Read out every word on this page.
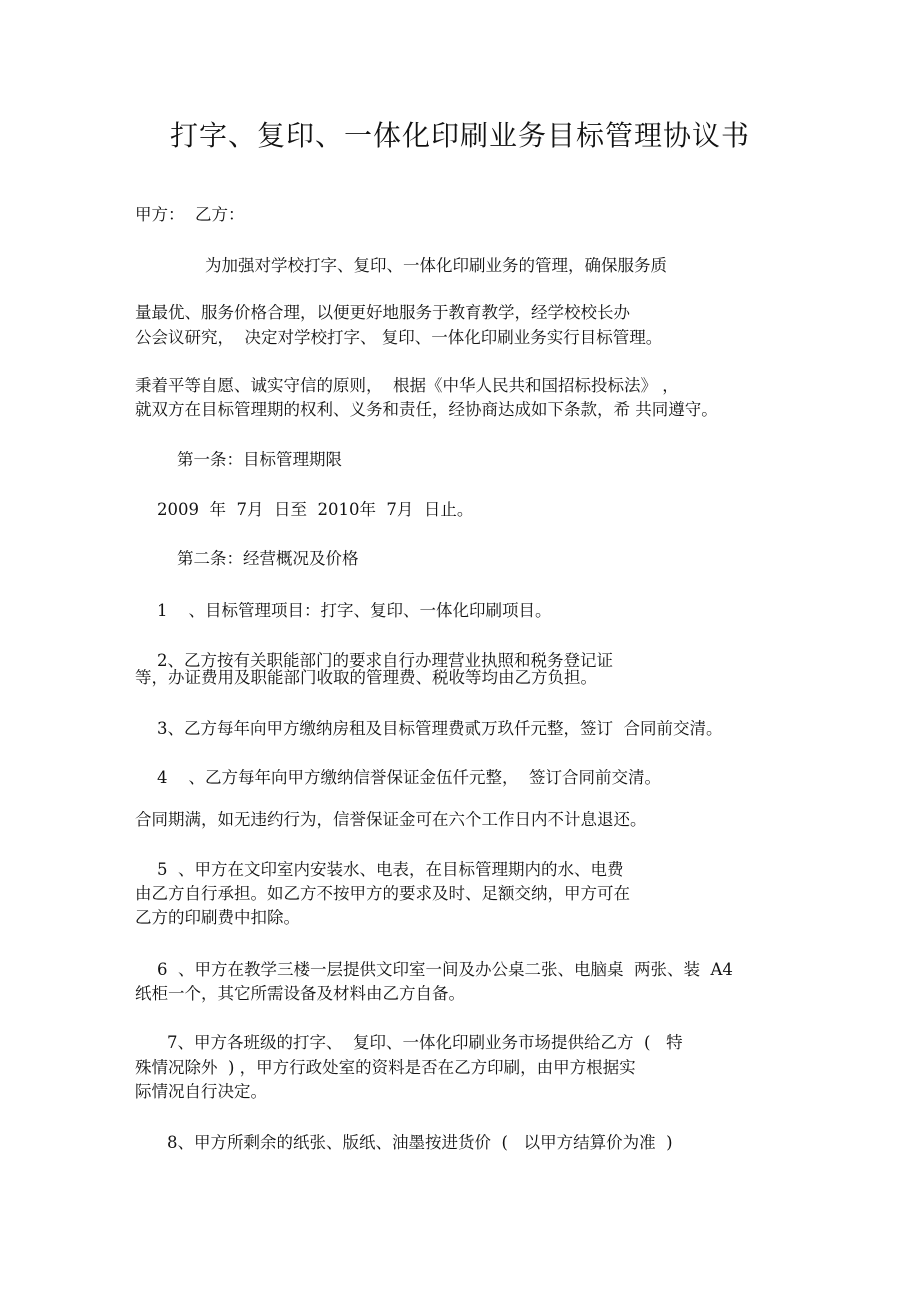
打字、复印、一体化印刷业务目标管理协议书
甲方：  乙方：
为加强对学校打字、复印、一体化印刷业务的管理，确保服务质
量最优、服务价格合理，以便更好地服务于教育教学，经学校校长办
公会议研究，  决定对学校打字、 复印、一体化印刷业务实行目标管理。
秉着平等自愿、诚实守信的原则，  根据《中华人民共和国招标投标法》 ，
就双方在目标管理期的权利、义务和责任，经协商达成如下条款，希 共同遵守。
第一条：目标管理期限
2009  年  7月  日至  2010年  7月  日止。
第二条：经营概况及价格
1    、目标管理项目：打字、复印、一体化印刷项目。
2、乙方按有关职能部门的要求自行办理营业执照和税务登记证
等，办证费用及职能部门收取的管理费、税收等均由乙方负担。
3、乙方每年向甲方缴纳房租及目标管理费贰万玖仟元整，签订  合同前交清。
4    、乙方每年向甲方缴纳信誉保证金伍仟元整，  签订合同前交清。
合同期满，如无违约行为，信誉保证金可在六个工作日内不计息退还。
5  、甲方在文印室内安装水、电表，在目标管理期内的水、电费
由乙方自行承担。如乙方不按甲方的要求及时、足额交纳，甲方可在
乙方的印刷费中扣除。
6  、甲方在教学三楼一层提供文印室一间及办公桌二张、电脑桌  两张、装  A4
纸柜一个，其它所需设备及材料由乙方自备。
7、甲方各班级的打字、  复印、一体化印刷业务市场提供给乙方  (   特
殊情况除外  ) ，甲方行政处室的资料是否在乙方印刷，由甲方根据实
际情况自行决定。
8、甲方所剩余的纸张、版纸、油墨按进货价  (   以甲方结算价为准  )
